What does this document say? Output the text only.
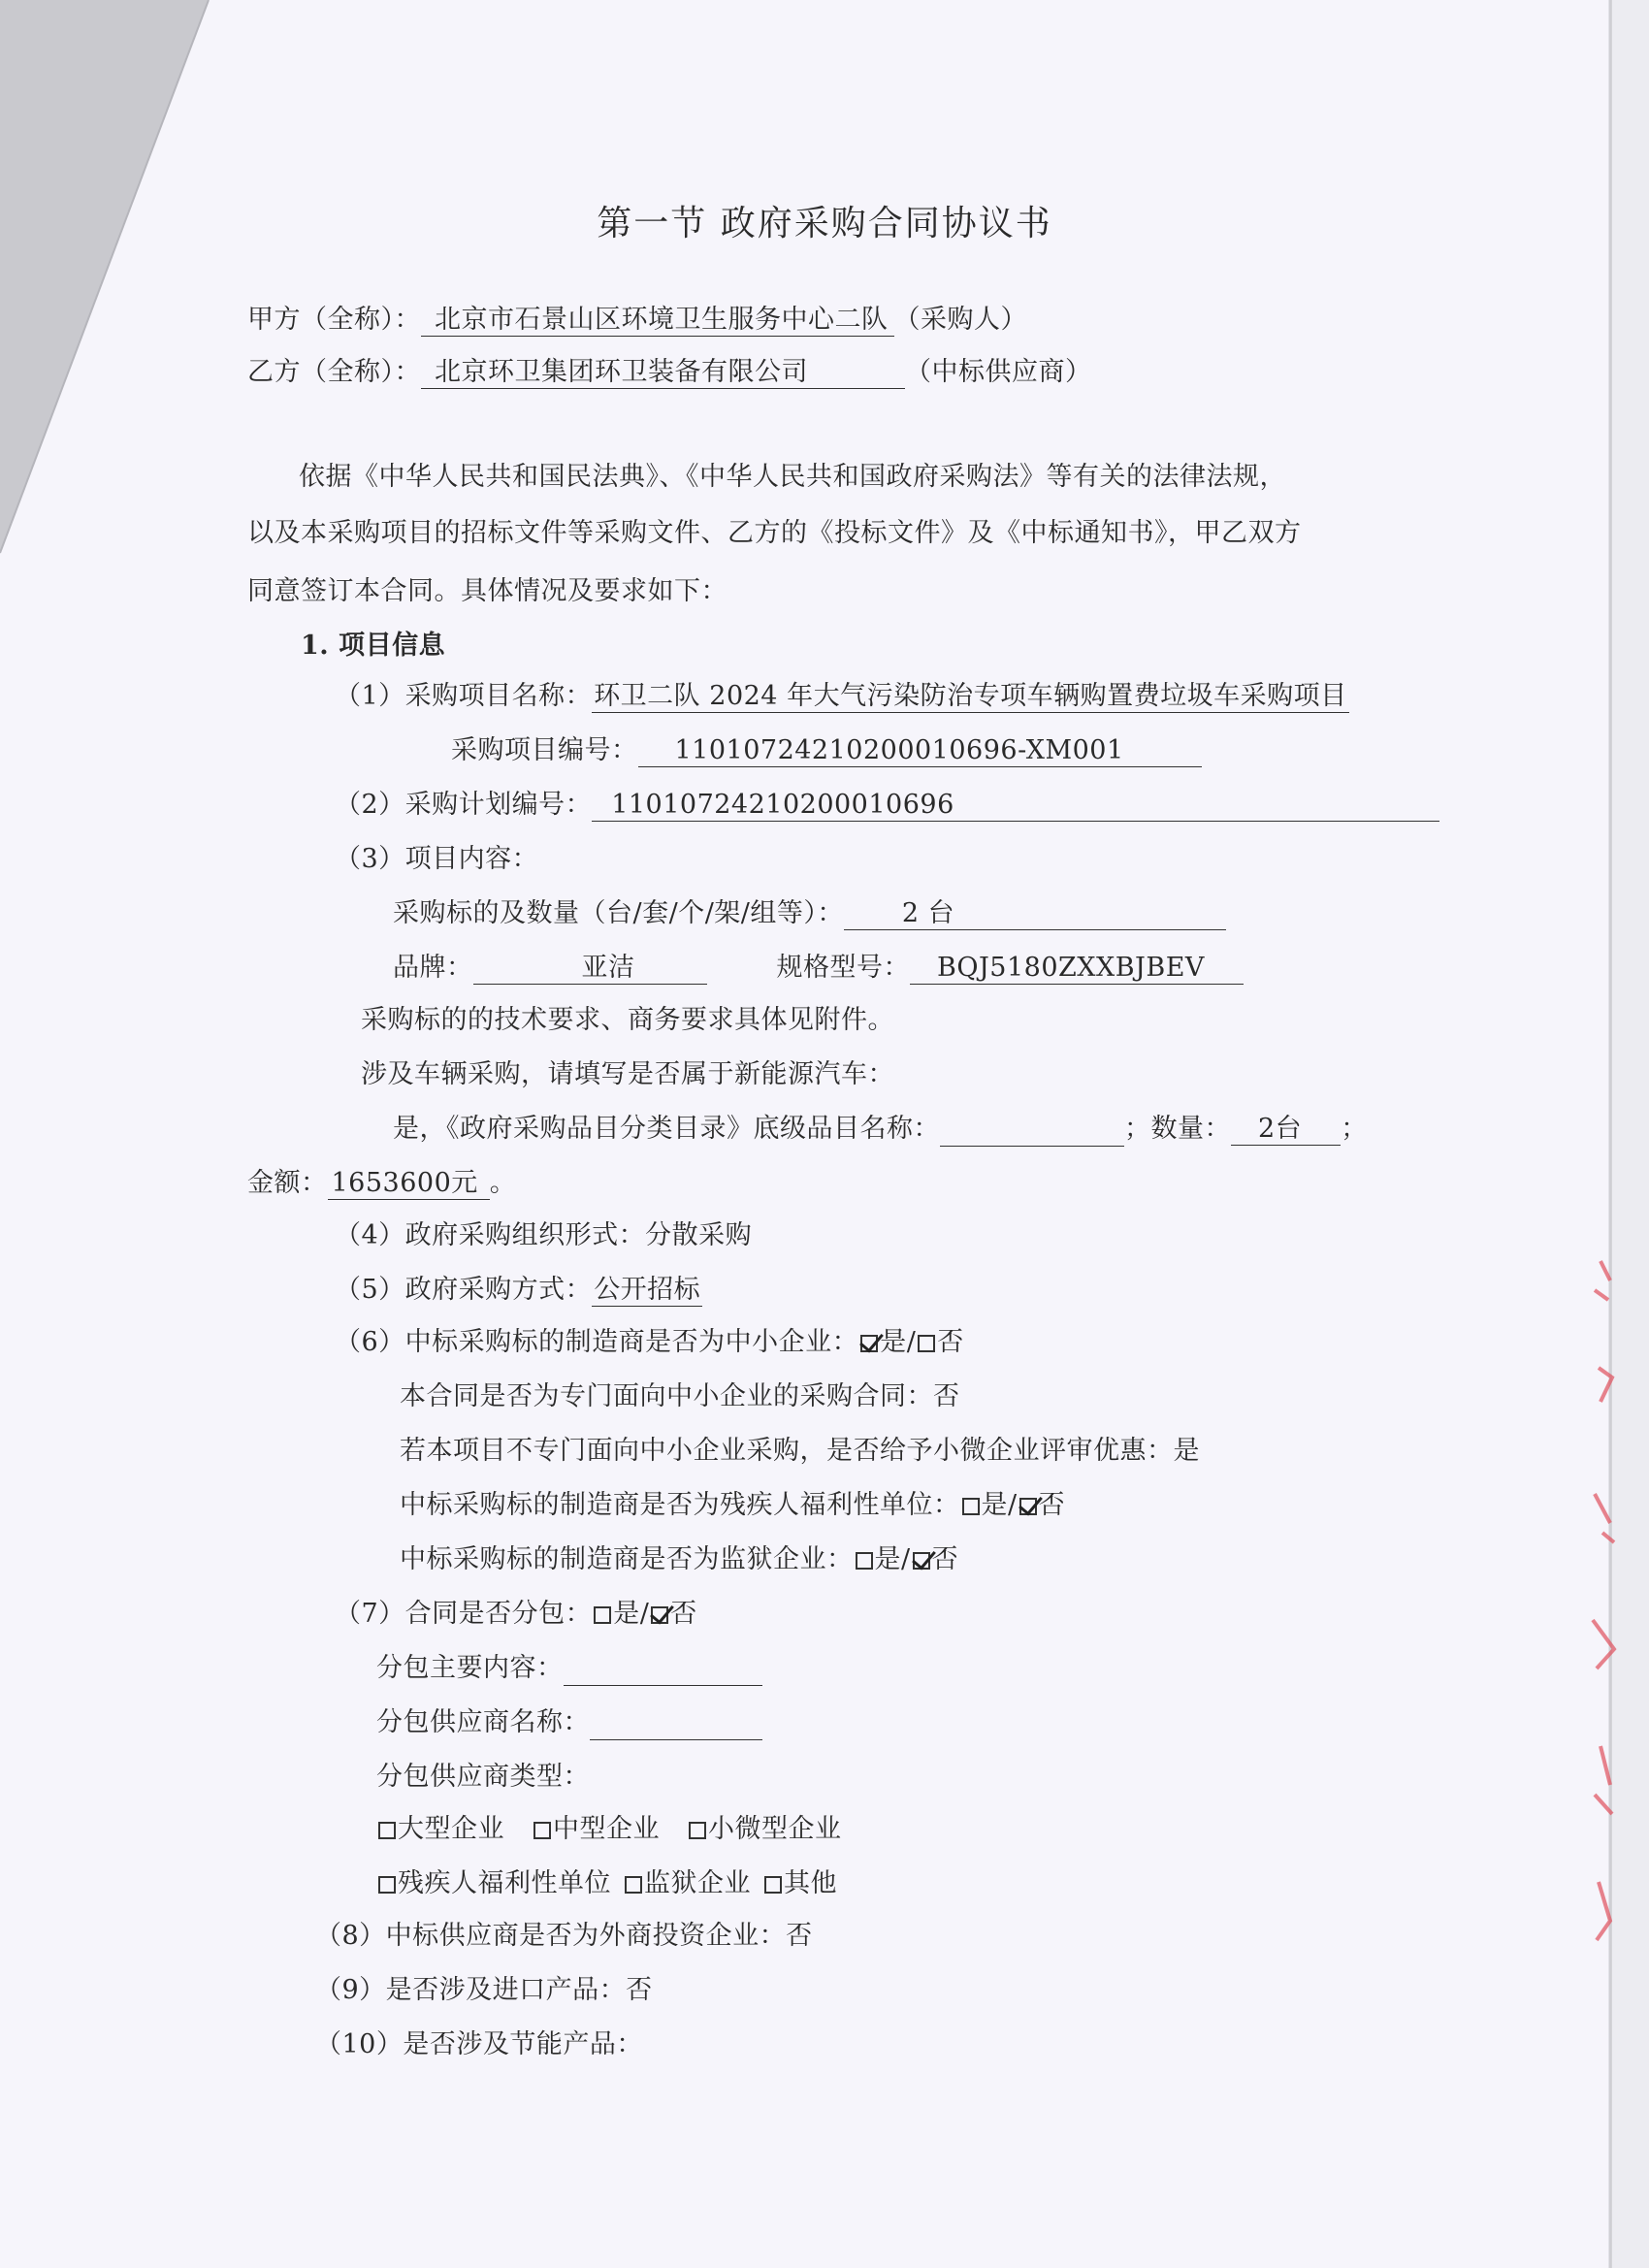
第一节 政府采购合同协议书
甲方（全称）： 北京市石景山区环境卫生服务中心二队 （采购人）
乙方（全称）： 北京环卫集团环卫装备有限公司	（中标供应商）
依据《中华人民共和国民法典》、《中华人民共和国政府采购法》等有关的法律法规，
以及本采购项目的招标文件等采购文件、乙方的《投标文件》及《中标通知书》，甲乙双方
同意签订本合同。具体情况及要求如下：
1. 项目信息
（1）采购项目名称：环卫二队 2024 年大气污染防治专项车辆购置费垃圾车采购项目
采购项目编号： 11010724210200010696-XM001
（2）采购计划编号： 11010724210200010696
（3）项目内容：
采购标的及数量（台/套/个/架/组等）： 2 台
品牌：	亚洁	规格型号： BQJ5180ZXXBJBEV
采购标的的技术要求、商务要求具体见附件。
涉及车辆采购，请填写是否属于新能源汽车：
是，《政府采购品目分类目录》底级品目名称：	；数量： 2台 ；
金额： 1653600元 。
（4）政府采购组织形式：分散采购
（5）政府采购方式：公开招标
（6）中标采购标的制造商是否为中小企业： 是/ 否
本合同是否为专门面向中小企业的采购合同：否
若本项目不专门面向中小企业采购，是否给予小微企业评审优惠：是
中标采购标的制造商是否为残疾人福利性单位： 是/ 否
中标采购标的制造商是否为监狱企业： 是/ 否
（7）合同是否分包： 是/ 否
分包主要内容：
分包供应商名称：
分包供应商类型：
大型企业 中型企业 小微型企业
残疾人福利性单位 监狱企业 其他
（8）中标供应商是否为外商投资企业：否
（9）是否涉及进口产品：否
（10）是否涉及节能产品：
